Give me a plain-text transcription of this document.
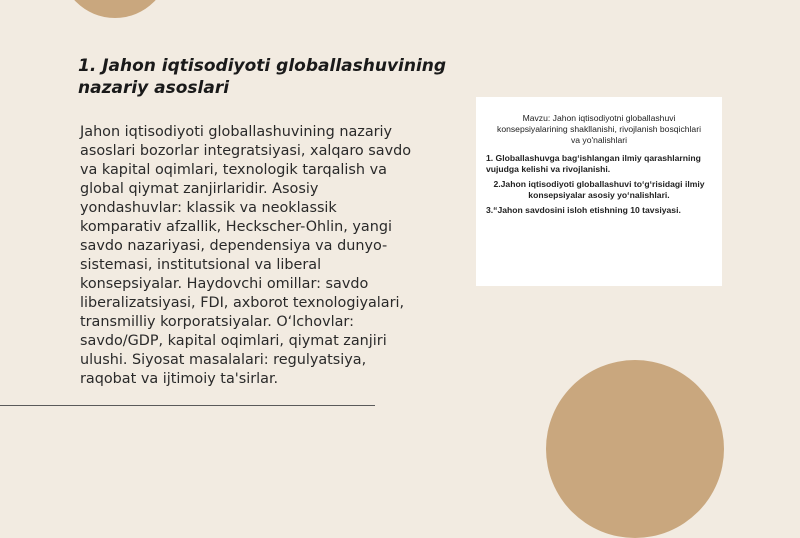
1. Jahon iqtisodiyoti globallashuvining nazariy asoslari
Jahon iqtisodiyoti globallashuvining nazariy asoslari bozorlar integratsiyasi, xalqaro savdo va kapital oqimlari, texnologik tarqalish va global qiymat zanjirlaridir. Asosiy yondashuvlar: klassik va neoklassik komparativ afzallik, Heckscher-Ohlin, yangi savdo nazariyasi, dependensiya va dunyo-sistemasi, institutsional va liberal konsepsiyalar. Haydovchi omillar: savdo liberalizatsiyasi, FDI, axborot texnologiyalari, transmilliy korporatsiyalar. O‘lchovlar: savdo/GDP, kapital oqimlari, qiymat zanjiri ulushi. Siyosat masalalari: regulyatsiya, raqobat va ijtimoiy ta'sirlar.
Mavzu: Jahon iqtisodiyotni globallashuvi konsepsiyalarining shakllanishi, rivojlanish bosqichlari va yo'nalishlari
1. Globallashuvga bag‘ishlangan ilmiy qarashlarning vujudga kelishi va rivojlanishi.
2.Jahon iqtisodiyoti globallashuvi to‘g‘risidagi ilmiy konsepsiyalar asosiy yo‘nalishlari.
3.“Jahon savdosini isloh etishning 10 tavsiyasi.
